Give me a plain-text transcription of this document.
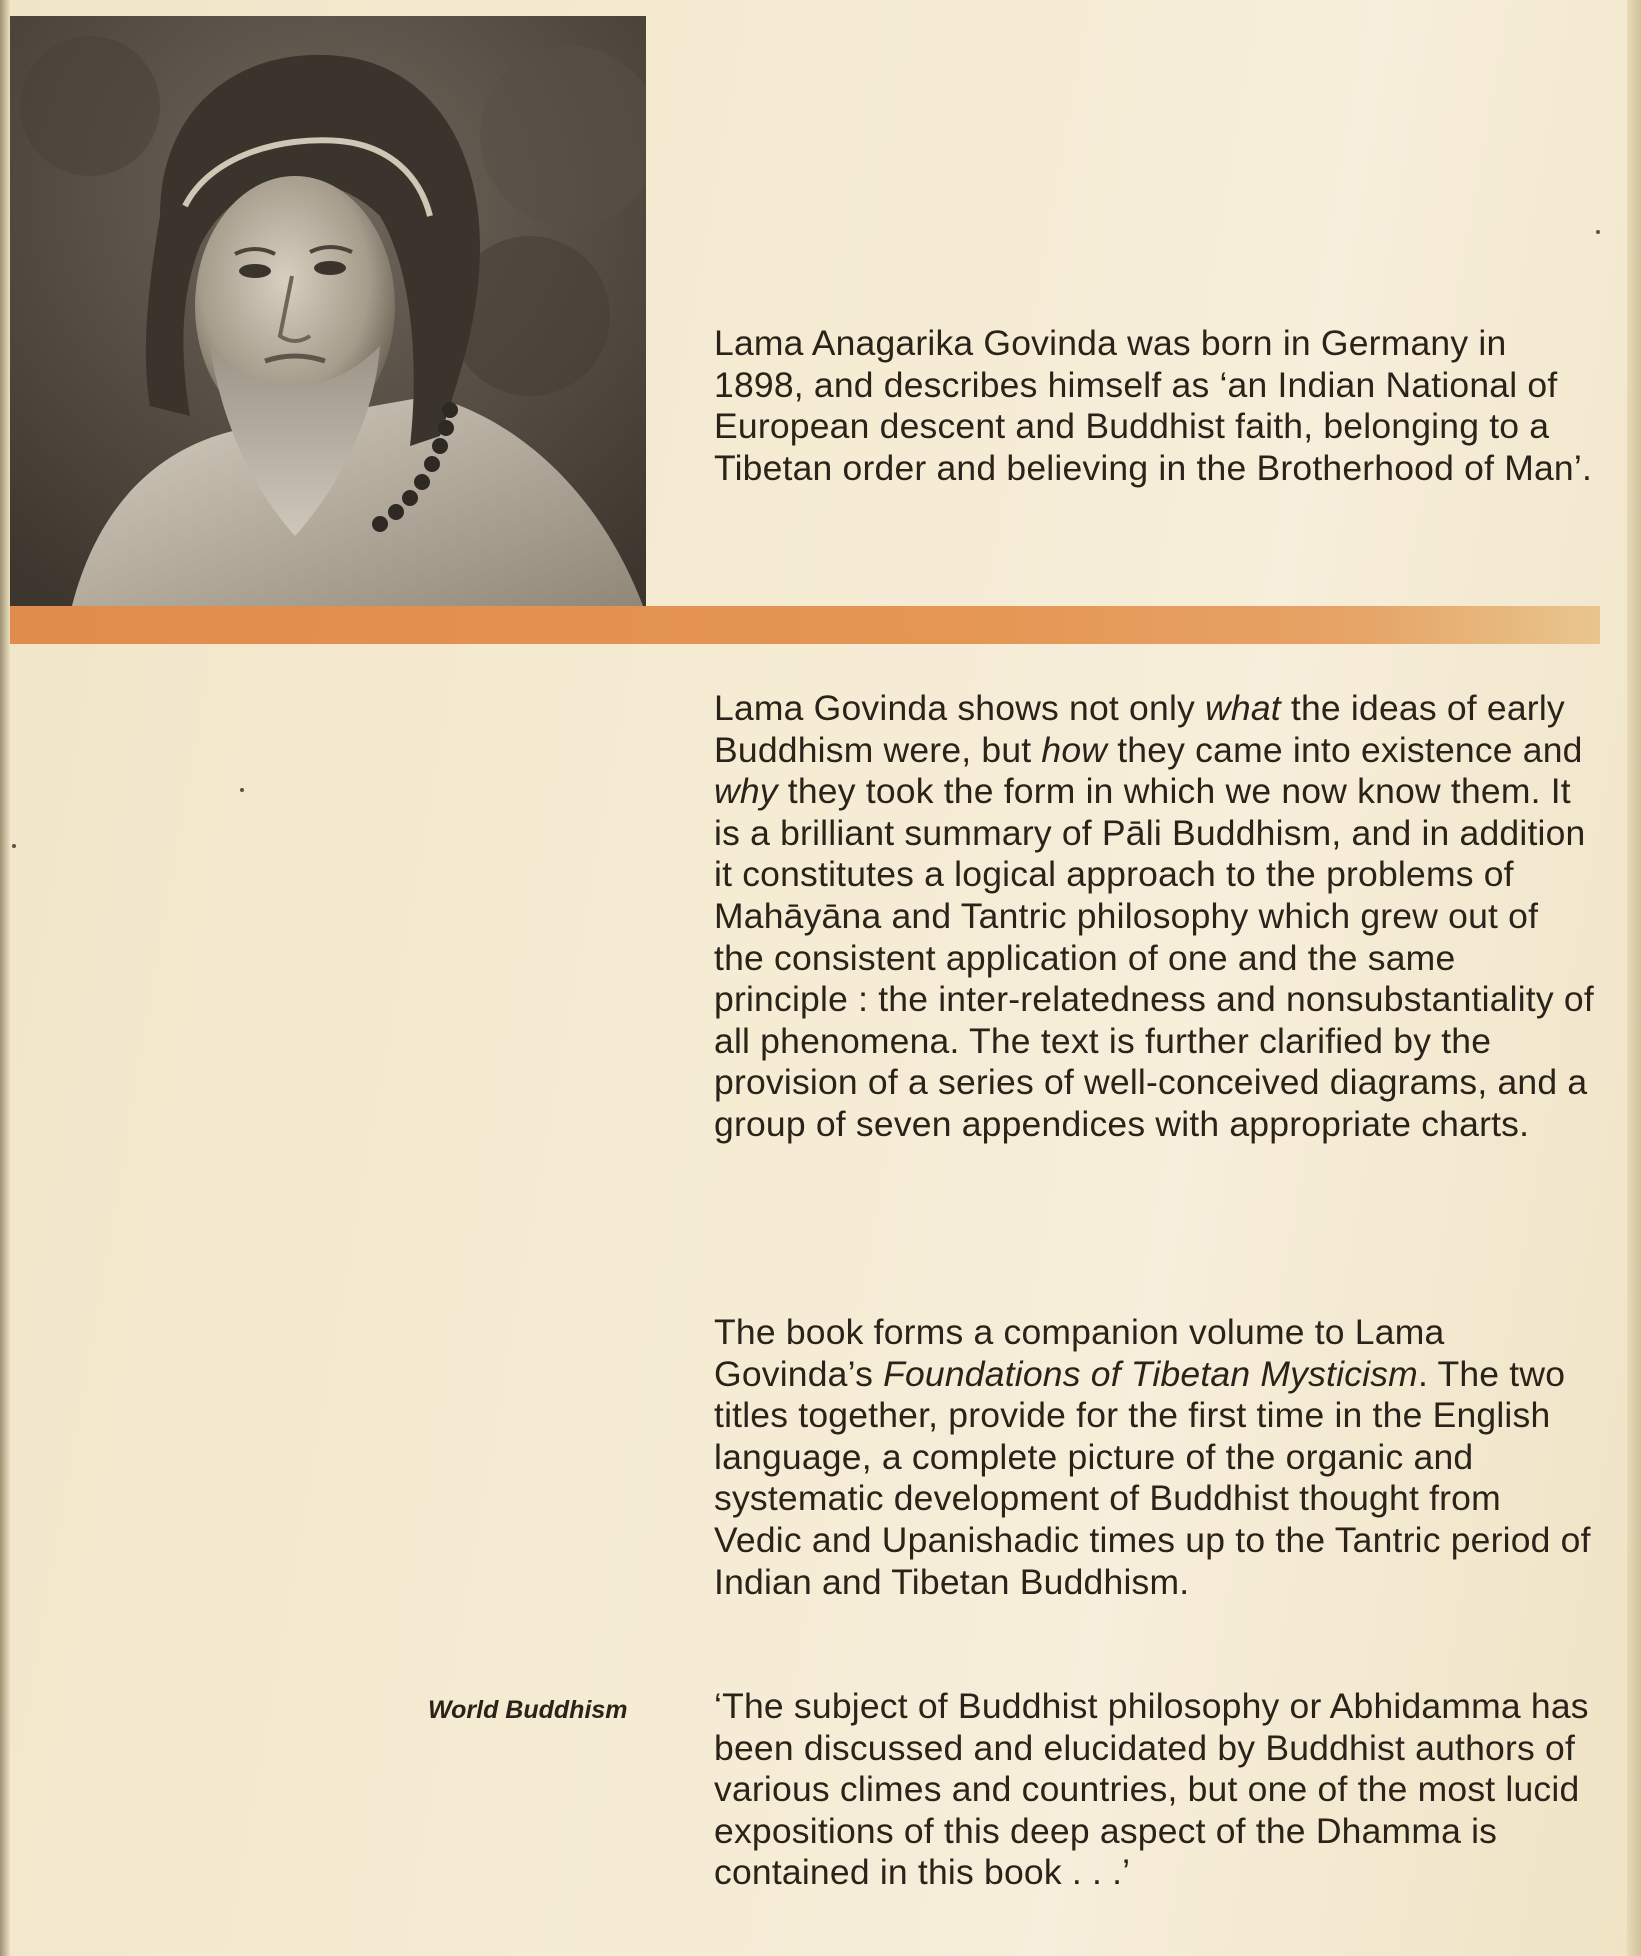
Lama Anagarika Govinda was born in Germany in 1898, and describes himself as ‘an Indian National of European descent and Buddhist faith, belonging to a Tibetan order and believing in the Brotherhood of Man’.

Lama Govinda shows not only what the ideas of early Buddhism were, but how they came into existence and why they took the form in which we now know them. It is a brilliant summary of Pāli Buddhism, and in addition it constitutes a logical approach to the problems of Mahāyāna and Tantric philosophy which grew out of the consistent application of one and the same principle : the inter-relatedness and nonsubstantiality of all phenomena. The text is further clarified by the provision of a series of well-conceived diagrams, and a group of seven appendices with appropriate charts.

The book forms a companion volume to Lama Govinda’s Foundations of Tibetan Mysticism. The two titles together, provide for the first time in the English language, a complete picture of the organic and systematic development of Buddhist thought from Vedic and Upanishadic times up to the Tantric period of Indian and Tibetan Buddhism.

World Buddhism ‘The subject of Buddhist philosophy or Abhidamma has been discussed and elucidated by Buddhist authors of various climes and countries, but one of the most lucid expositions of this deep aspect of the Dhamma is contained in this book . . .’
